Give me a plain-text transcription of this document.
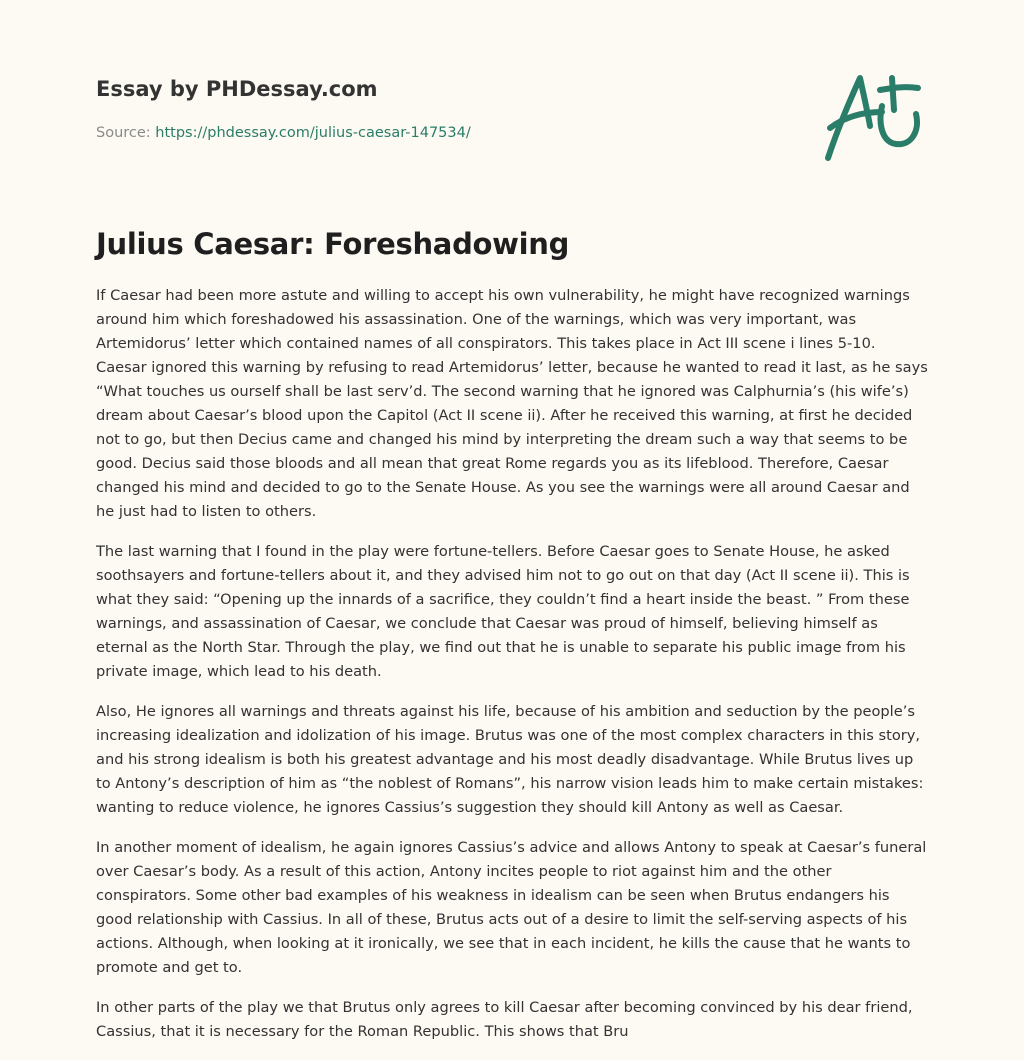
Essay by PHDessay.com
Source: https://phdessay.com/julius-caesar-147534/
Julius Caesar: Foreshadowing

If Caesar had been more astute and willing to accept his own vulnerability, he might have recognized warnings around him which foreshadowed his assassination. One of the warnings, which was very important, was Artemidorus’ letter which contained names of all conspirators. This takes place in Act III scene i lines 5-10. Caesar ignored this warning by refusing to read Artemidorus’ letter, because he wanted to read it last, as he says “What touches us ourself shall be last serv’d. The second warning that he ignored was Calphurnia’s (his wife’s) dream about Caesar’s blood upon the Capitol (Act II scene ii). After he received this warning, at first he decided not to go, but then Decius came and changed his mind by interpreting the dream such a way that seems to be good. Decius said those bloods and all mean that great Rome regards you as its lifeblood. Therefore, Caesar changed his mind and decided to go to the Senate House. As you see the warnings were all around Caesar and he just had to listen to others.

The last warning that I found in the play were fortune-tellers. Before Caesar goes to Senate House, he asked soothsayers and fortune-tellers about it, and they advised him not to go out on that day (Act II scene ii). This is what they said: “Opening up the innards of a sacrifice, they couldn’t find a heart inside the beast. ” From these warnings, and assassination of Caesar, we conclude that Caesar was proud of himself, believing himself as eternal as the North Star. Through the play, we find out that he is unable to separate his public image from his private image, which lead to his death.

Also, He ignores all warnings and threats against his life, because of his ambition and seduction by the people’s increasing idealization and idolization of his image. Brutus was one of the most complex characters in this story, and his strong idealism is both his greatest advantage and his most deadly disadvantage. While Brutus lives up to Antony’s description of him as “the noblest of Romans”, his narrow vision leads him to make certain mistakes: wanting to reduce violence, he ignores Cassius’s suggestion they should kill Antony as well as Caesar.

In another moment of idealism, he again ignores Cassius’s advice and allows Antony to speak at Caesar’s funeral over Caesar’s body. As a result of this action, Antony incites people to riot against him and the other conspirators. Some other bad examples of his weakness in idealism can be seen when Brutus endangers his good relationship with Cassius. In all of these, Brutus acts out of a desire to limit the self-serving aspects of his actions. Although, when looking at it ironically, we see that in each incident, he kills the cause that he wants to promote and get to.

In other parts of the play we that Brutus only agrees to kill Caesar after becoming convinced by his dear friend, Cassius, that it is necessary for the Roman Republic. This shows that Bru
